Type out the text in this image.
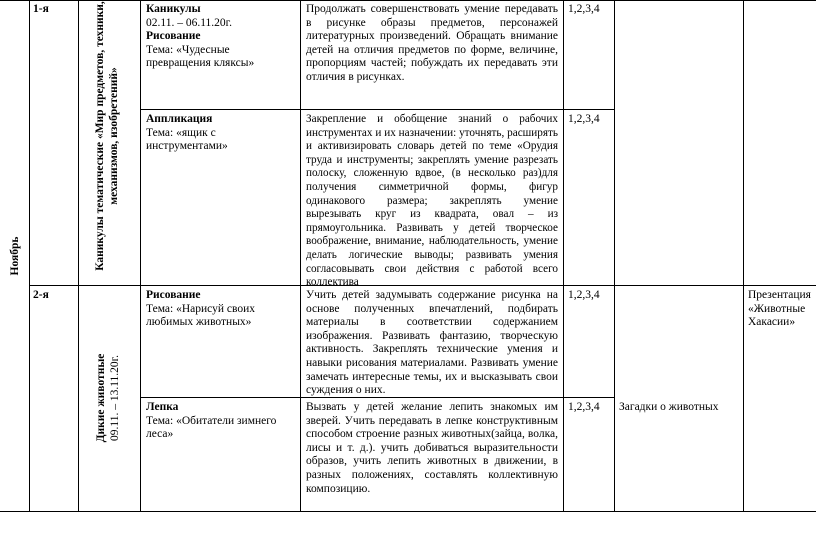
Ноябрь
1-я
2-я
Каникулы тематические «Мир предметов, техники, механизмов, изобретений»
Дикие животные 09.11. – 13.11.20г.
Каникулы
02.11. – 06.11.20г.
Рисование
Тема: «Чудесные превращения кляксы»
Продолжать совершенствовать умение передавать в рисунке образы предметов, персонажей литературных произведений. Обращать внимание детей на отличия предметов по форме, величине, пропорциям частей; побуждать их передавать эти отличия в рисунках.
1,2,3,4
Аппликация
Тема: «ящик с инструментами»
Закрепление и обобщение знаний о рабочих инструментах и их назначении: уточнять, расширять и активизировать словарь детей по теме «Орудия труда и инструменты; закреплять умение разрезать полоску, сложенную вдвое, (в несколько раз)для получения симметричной формы, фигур одинакового размера; закреплять умение вырезывать круг из квадрата, овал – из прямоугольника. Развивать у детей творческое воображение, внимание, наблюдательность, умение делать логические выводы; развивать умения согласовывать свои действия с работой всего коллектива
1,2,3,4
Рисование
Тема: «Нарисуй своих любимых животных»
Учить детей задумывать содержание рисунка на основе полученных впечатлений, подбирать материалы в соответствии содержанием изображения. Развивать фантазию, творческую активность. Закреплять технические умения и навыки рисования материалами. Развивать умение замечать интересные темы, их и высказывать свои суждения о них.
1,2,3,4	Презентация «Животные Хакасии»
Лепка
Тема: «Обитатели зимнего леса»
Вызвать у детей желание лепить знакомых им зверей. Учить передавать в лепке конструктивным способом строение разных животных(зайца, волка, лисы и т. д.). учить добиваться выразительности образов, учить лепить животных в движении, в разных положениях, составлять коллективную композицию.
1,2,3,4 Загадки о животных
